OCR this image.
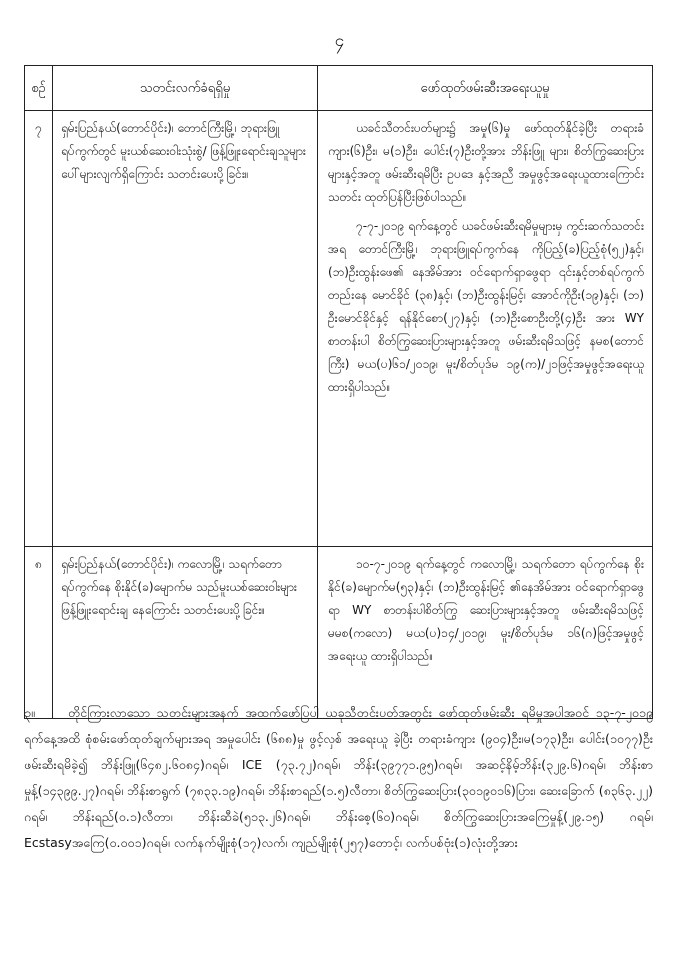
၄
စဉ်	သတင်းလက်ခံရရှိမှု	ဖော်ထုတ်ဖမ်းဆီးအရေးယူမှု
၇	ရှမ်းပြည်နယ်(တောင်ပိုင်း)၊ တောင်ကြီးမြို့၊ ဘုရားဖြူရပ်ကွက်တွင် မူးယစ်ဆေးဝါးသုံးစွဲ/ ဖြန့်ဖြူးရောင်းချသူများ ပေါ်များလျက်ရှိကြောင်း သတင်းပေးပို့ခြင်း။	ယခင်သီတင်းပတ်များ၌ အမှု(၆)မှု ဖော်ထုတ်နိုင်ခဲ့ပြီး တရားခံကျား(၆)ဦး၊ မ(၁)ဦး၊ ပေါင်း(၇)ဦးတို့အား ဘိန်းဖြူ များ၊ စိတ်ကြွဆေးပြားများနှင့်အတူ ဖမ်းဆီးရမိပြီး ဥပဒေ နှင့်အညီ အမှုဖွင့်အရေးယူထားကြောင်း သတင်း ထုတ်ပြန်ပြီးဖြစ်ပါသည်။

၇-၇-၂၀၁၉ ရက်နေ့တွင် ယခင်ဖမ်းဆီးရမိမှုများမှ ကွင်းဆက်သတင်းအရ တောင်ကြီးမြို့၊ ဘုရားဖြူရပ်ကွက်နေ ကိုပြည့်(ခ)ပြည့်စုံ(၅၂)နှင့်၊ (ဘ)ဦးထွန်းဖေ၏ နေအိမ်အား ဝင်ရောက်ရှာဖွေရာ ၎င်းနှင့်တစ်ရပ်ကွက်တည်းနေ မောင်ခိုင် (၃၈)နှင့်၊ (ဘ)ဦးထွန်းမြင့်၊ အောင်ကိုဦး(၁၉)နှင့်၊ (ဘ) ဦးမောင်ခိုင်နှင့် ရန်နိုင်စော(၂၇)နှင့်၊ (ဘ)ဦးစောဦးတို့(၄)ဦး အား WY စာတန်းပါ စိတ်ကြွဆေးပြားများနှင့်အတူ ဖမ်းဆီးရမိသဖြင့် နမစ(တောင်ကြီး) မယ(ပ)၆၁/၂၀၁၉၊ မူး/စိတ်ပုဒ်မ ၁၉(က)/၂၁ဖြင့်အမှုဖွင့်အရေးယူထားရှိပါသည်။

၈	ရှမ်းပြည်နယ်(တောင်ပိုင်း)၊ ကလောမြို့၊ သရက်တောရပ်ကွက်နေ စိုးနိုင်(ခ)မျောက်မ သည်မူးယစ်ဆေးဝါးများ ဖြန့်ဖြူးရောင်းချ နေကြောင်း သတင်းပေးပို့ခြင်း။	၁၀-၇-၂၀၁၉ ရက်နေ့တွင် ကလောမြို့၊ သရက်တော ရပ်ကွက်နေ စိုးနိုင်(ခ)မျောက်မ(၅၃)နှင့်၊ (ဘ)ဦးထွန်းမြင့် ၏နေအိမ်အား ဝင်ရောက်ရှာဖွေရာ WY စာတန်းပါစိတ်ကြွ ဆေးပြားများနှင့်အတူ ဖမ်းဆီးရမိသဖြင့် မမစ(ကလော) မယ(ပ)၁၄/၂၀၁၉၊ မူး/စိတ်ပုဒ်မ ၁၆(ဂ)ဖြင့်အမှုဖွင့်အရေးယူ ထားရှိပါသည်။

၃။	တိုင်ကြားလာသော သတင်းများအနက် အထက်ဖော်ပြပါ ယခုသီတင်းပတ်အတွင်း ဖော်ထုတ်ဖမ်းဆီး ရမိမှုအပါအဝင် ၁၃-၇-၂၀၁၉ ရက်နေ့အထိ စုံစမ်းဖော်ထုတ်ချက်များအရ အမှုပေါင်း (၆၈၈)မှု ဖွင့်လှစ် အရေးယူ ခဲ့ပြီး တရားခံကျား (၉၀၄)ဦး၊မ(၁၇၃)ဦး၊ ပေါင်း(၁၀၇၇)ဦး ဖမ်းဆီးရမိခဲ့၍ ဘိန်းဖြူ(၆၄၈၂.၆၀၈၄)ဂရမ်၊ ICE (၇၃.၇၂)ဂရမ်၊ ဘိန်း(၃၉၇၇၁.၉၅)ဂရမ်၊ အဆင့်နိမ့်ဘိန်း(၃၂၉.၆)ဂရမ်၊ ဘိန်းစာမှုန့်(၁၄၃၉၉.၂၇)ဂရမ်၊ ဘိန်းစာရွက် (၇၈၃၃.၁၉)ဂရမ်၊ ဘိန်းစာရည်(၁.၅)လီတာ၊ စိတ်ကြွဆေးပြား(၃၀၁၉၀၁၆)ပြား၊ ဆေးခြောက် (၈၃၆၃.၂၂) ဂရမ်၊ ဘိန်းရည်(၀.၁)လီတာ၊ ဘိန်းဆီခဲ(၅၁၃.၂၆)ဂရမ်၊ ဘိန်းစေ့(၆၀)ဂရမ်၊ စိတ်ကြွဆေးပြားအကြေမှုန့်(၂၉.၁၅) ဂရမ်၊ Ecstasyအကြေ(၀.၀၀၁)ဂရမ်၊ လက်နက်မျိုးစုံ(၁၇)လက်၊ ကျည်မျိုးစုံ(၂၅၇)တောင့်၊ လက်ပစ်ဗုံး(၁)လုံးတို့အား
